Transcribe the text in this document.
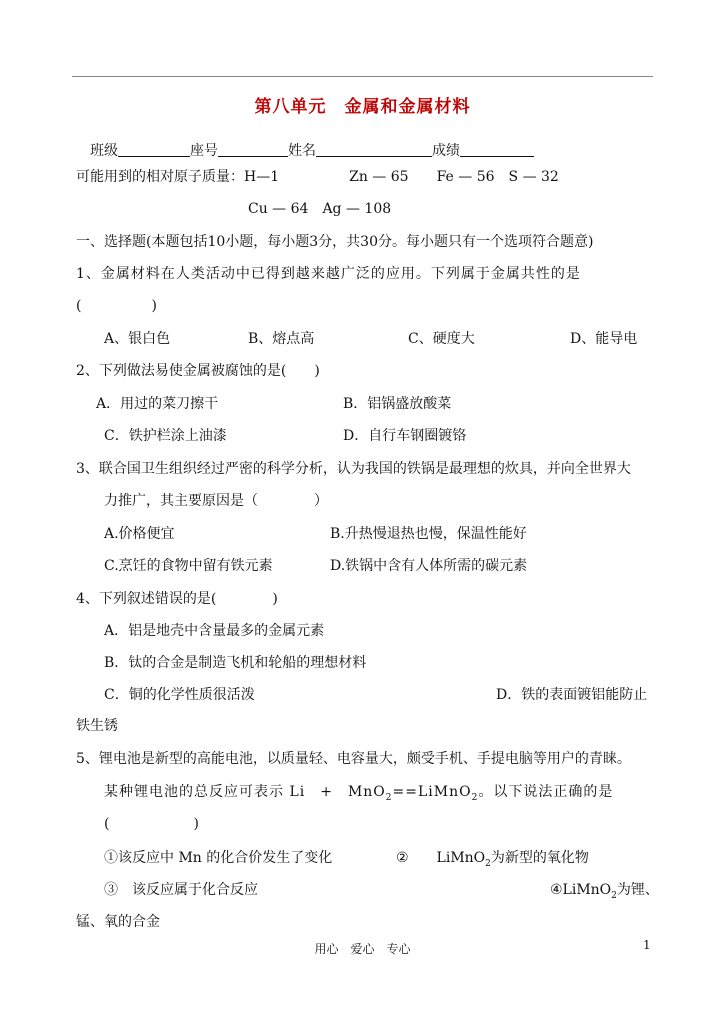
第八单元　金属和金属材料
班级	座号	姓名	成绩
可能用到的相对原子质量：H—1　　　　　Zn — 65　　Fe — 56　S — 32
Cu — 64　Ag — 108
一、选择题(本题包括10小题，每小题3分，共30分。每小题只有一个选项符合题意)
1、金属材料在人类活动中已得到越来越广泛的应用。下列属于金属共性的是
(　　　　　)
A、银白色	B、熔点高	C、硬度大	D、能导电
2、下列做法易使金属被腐蚀的是(　　)
A．用过的菜刀擦干	B．铝锅盛放酸菜
C．铁护栏涂上油漆	D．自行车钢圈镀铬
3、联合国卫生组织经过严密的科学分析，认为我国的铁锅是最理想的炊具，并向全世界大
力推广，其主要原因是（　　　　）
A.价格便宜	B.升热慢退热也慢，保温性能好
C.烹饪的食物中留有铁元素	D.铁锅中含有人体所需的碳元素
4、下列叙述错误的是(　　　　)
A．铝是地壳中含量最多的金属元素
B．钛的合金是制造飞机和轮船的理想材料
C．铜的化学性质很活泼	D．铁的表面镀铝能防止
铁生锈
5、锂电池是新型的高能电池，以质量轻、电容量大，颇受手机、手提电脑等用户的青睐。
某种锂电池的总反应可表示 Li　+　MnO$_2$==LiMnO$_2$。以下说法正确的是
(　　　　　　)
①该反应中 Mn 的化合价发生了变化	②　　LiMnO$_2$为新型的氧化物
③　该反应属于化合反应	④LiMnO$_2$为锂、
锰、氧的合金
用心　爱心　专心	1
